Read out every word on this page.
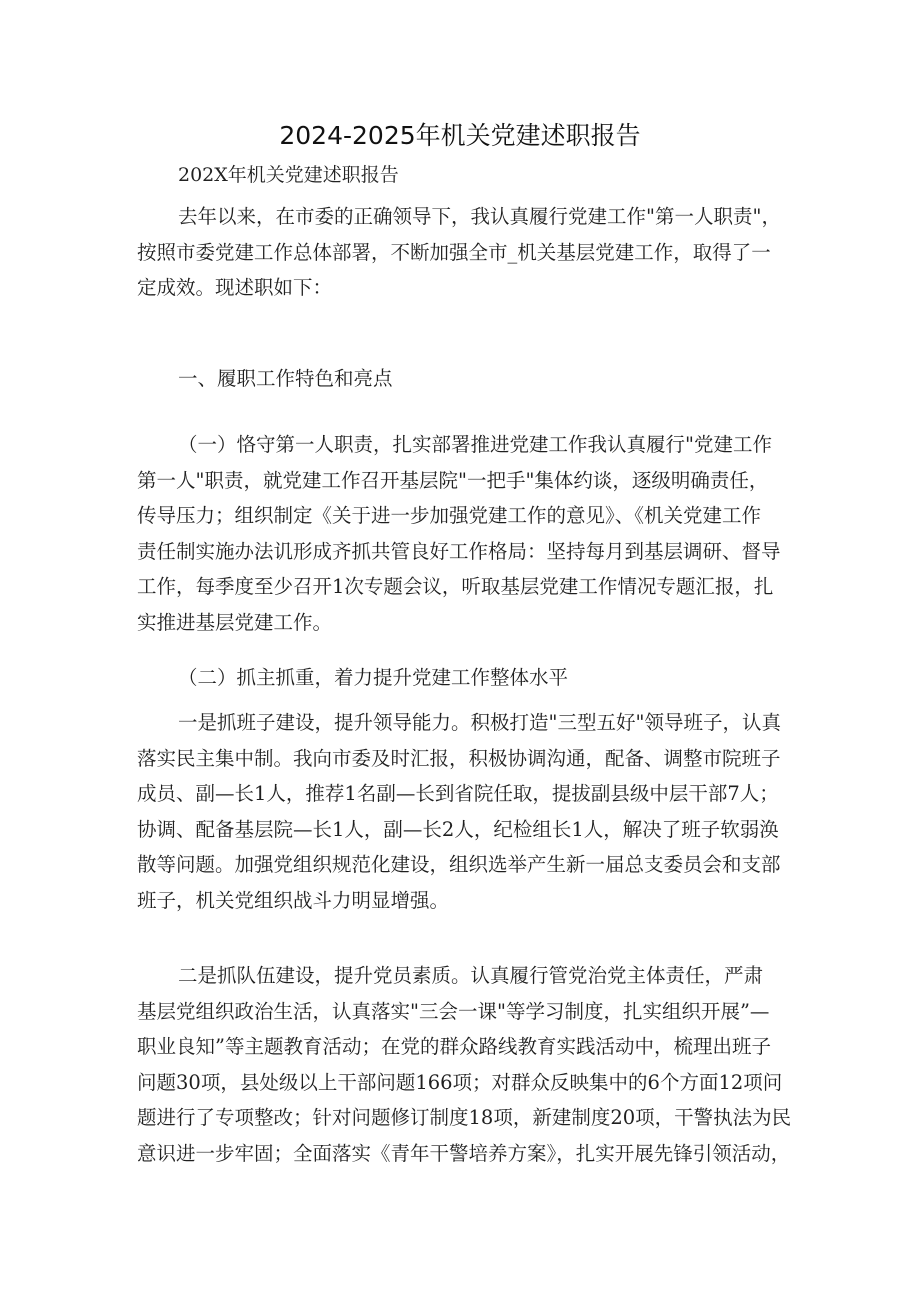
2024-2025年机关党建述职报告
202X年机关党建述职报告
去年以来，在市委的正确领导下，我认真履行党建工作"第一人职责"，
按照市委党建工作总体部署，不断加强全市_机关基层党建工作，取得了一
定成效。现述职如下：
一、履职工作特色和亮点
（一）恪守第一人职责，扎实部署推进党建工作我认真履行"党建工作
第一人"职责，就党建工作召开基层院"一把手"集体约谈，逐级明确责任，
传导压力；组织制定《关于进一步加强党建工作的意见》、《机关党建工作
责任制实施办法讥形成齐抓共管良好工作格局：坚持每月到基层调研、督导
工作，每季度至少召开1次专题会议，听取基层党建工作情况专题汇报，扎
实推进基层党建工作。
（二）抓主抓重，着力提升党建工作整体水平
一是抓班子建设，提升领导能力。积极打造"三型五好"领导班子，认真
落实民主集中制。我向市委及时汇报，积极协调沟通，配备、调整市院班子
成员、副—长1人，推荐1名副—长到省院任取，提拔副县级中层干部7人；
协调、配备基层院—长1人，副—长2人，纪检组长1人，解决了班子软弱涣
散等问题。加强党组织规范化建设，组织选举产生新一届总支委员会和支部
班子，机关党组织战斗力明显增强。
二是抓队伍建设，提升党员素质。认真履行管党治党主体责任，严肃
基层党组织政治生活，认真落实"三会一课"等学习制度，扎实组织开展”—
职业良知”等主题教育活动；在党的群众路线教育实践活动中，梳理出班子
问题30项，县处级以上干部问题166项；对群众反映集中的6个方面12项问
题进行了专项整改；针对问题修订制度18项，新建制度20项，干警执法为民
意识进一步牢固；全面落实《青年干警培养方案》，扎实开展先锋引领活动，
